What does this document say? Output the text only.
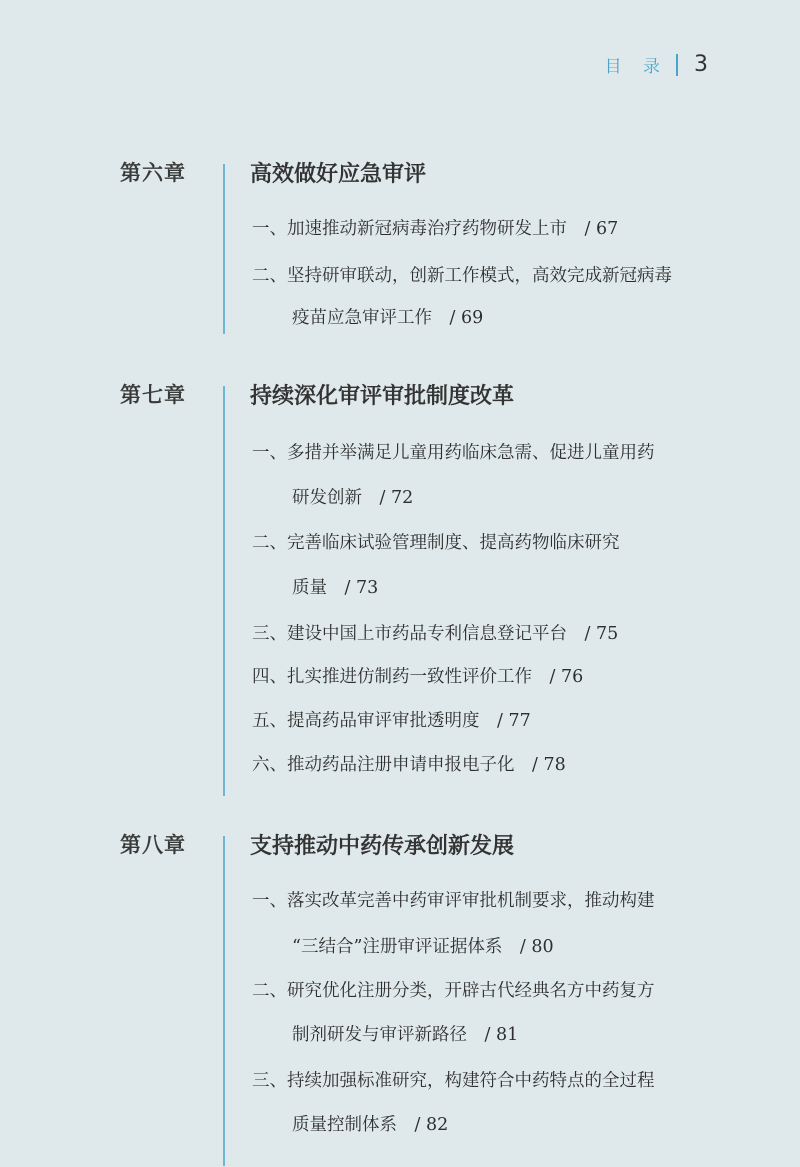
目 录 3
第六章	高效做好应急审评
一、加速推动新冠病毒治疗药物研发上市　/ 67
二、坚持研审联动，创新工作模式，高效完成新冠病毒
疫苗应急审评工作　/ 69
第七章	持续深化审评审批制度改革
一、多措并举满足儿童用药临床急需、促进儿童用药
研发创新　/ 72
二、完善临床试验管理制度、提高药物临床研究
质量　/ 73
三、建设中国上市药品专利信息登记平台　/ 75
四、扎实推进仿制药一致性评价工作　/ 76
五、提高药品审评审批透明度　/ 77
六、推动药品注册申请申报电子化　/ 78
第八章	支持推动中药传承创新发展
一、落实改革完善中药审评审批机制要求，推动构建
“三结合”注册审评证据体系　/ 80
二、研究优化注册分类，开辟古代经典名方中药复方
制剂研发与审评新路径　/ 81
三、持续加强标准研究，构建符合中药特点的全过程
质量控制体系　/ 82
